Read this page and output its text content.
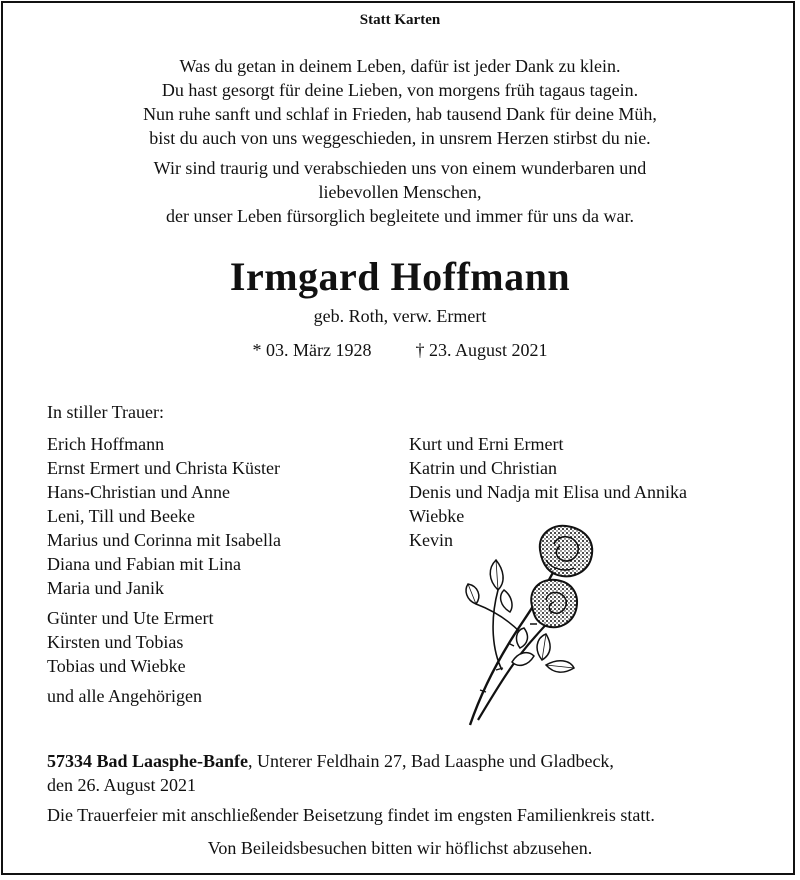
Statt Karten
Was du getan in deinem Leben, dafür ist jeder Dank zu klein.
Du hast gesorgt für deine Lieben, von morgens früh tagaus tagein.
Nun ruhe sanft und schlaf in Frieden, hab tausend Dank für deine Müh,
bist du auch von uns weggeschieden, in unsrem Herzen stirbst du nie.
Wir sind traurig und verabschieden uns von einem wunderbaren und
liebevollen Menschen,
der unser Leben fürsorglich begleitete und immer für uns da war.
Irmgard Hoffmann
geb. Roth, verw. Ermert
* 03. März 1928 † 23. August 2021
In stiller Trauer:
Erich Hoffmann
Ernst Ermert und Christa Küster
Hans-Christian und Anne
Leni, Till und Beeke
Marius und Corinna mit Isabella
Diana und Fabian mit Lina
Maria und Janik
Günter und Ute Ermert
Kirsten und Tobias
Tobias und Wiebke
und alle Angehörigen
Kurt und Erni Ermert
Katrin und Christian
Denis und Nadja mit Elisa und Annika
Wiebke
Kevin
57334 Bad Laasphe-Banfe, Unterer Feldhain 27, Bad Laasphe und Gladbeck,
den 26. August 2021
Die Trauerfeier mit anschließender Beisetzung findet im engsten Familienkreis statt.
Von Beileidsbesuchen bitten wir höflichst abzusehen.
